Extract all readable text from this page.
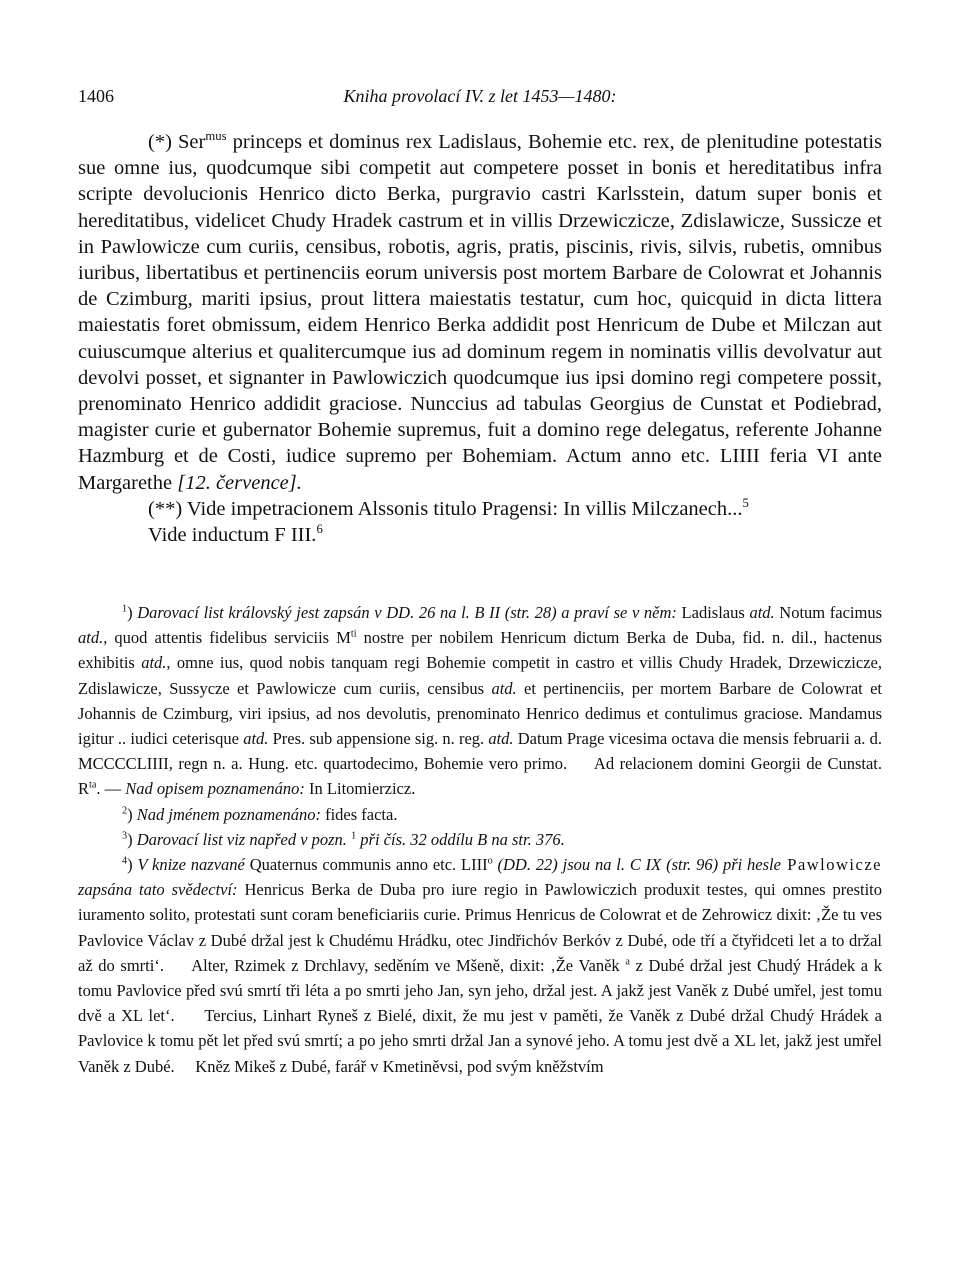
1406	Kniha provolací IV. z let 1453—1480:

(*) Ser$^{mus}$ princeps et dominus rex Ladislaus, Bohemie etc. rex, de plenitudine potestatis sue omne ius, quodcumque sibi competit aut competere posset in bonis et hereditatibus infra scripte devolucionis Henrico dicto Berka, purgravio castri Karlsstein, datum super bonis et hereditatibus, videlicet Chudy Hradek castrum et in villis Drzewiczicze, Zdislawicze, Sussicze et in Pawlowicze cum curiis, censibus, robotis, agris, pratis, piscinis, rivis, silvis, rubetis, omnibus iuribus, libertatibus et pertinenciis eorum universis post mortem Barbare de Colowrat et Johannis de Czimburg, mariti ipsius, prout littera maiestatis testatur, cum hoc, quicquid in dicta littera maiestatis foret obmissum, eidem Henrico Berka addidit post Henricum de Dube et Milczan aut cuiuscumque alterius et qualitercumque ius ad dominum regem in nominatis villis devolvatur aut devolvi posset, et signanter in Pawlowiczich quodcumque ius ipsi domino regi competere possit, prenominato Henrico addidit graciose. Nunccius ad tabulas Georgius de Cunstat et Podiebrad, magister curie et gubernator Bohemie supremus, fuit a domino rege delegatus, referente Johanne Hazmburg et de Costi, iudice supremo per Bohemiam. Actum anno etc. LIIII feria VI ante Margarethe [12. července].

(**) Vide impetracionem Alssonis titulo Pragensi: In villis Milczanech...$^5$

Vide inductum F III.$^6$

$^1$) Darovací list královský jest zapsán v DD. 26 na l. B II (str. 28) a praví se v něm: Ladislaus atd. Notum facimus atd., quod attentis fidelibus serviciis $M^{ti}$ nostre per nobilem Henricum dictum Berka de Duba, fid. n. dil., hactenus exhibitis atd., omne ius, quod nobis tanquam regi Bohemie competit in castro et villis Chudy Hradek, Drzewiczicze, Zdislawicze, Sussycze et Pawlowicze cum curiis, censibus atd. et pertinenciis, per mortem Barbare de Colowrat et Johannis de Czimburg, viri ipsius, ad nos devolutis, prenominato Henrico dedimus et contulimus graciose. Mandamus igitur .. iudici ceterisque atd. Pres. sub appensione sig. n. reg. atd. Datum Prage vicesima octava die mensis februarii a. d. MCCCCLIIII, regn n. a. Hung. etc. quartodecimo, Bohemie vero primo.     Ad relacionem domini Georgii de Cunstat.     $R^{ta}$. — Nad opisem poznamenáno: In Litomierzicz.

$^2$) Nad jménem poznamenáno: fides facta.

$^3$) Darovací list viz napřed v pozn. $^1$ při čís. 32 oddílu B na str. 376.

$^4$) V knize nazvané Quaternus communis anno etc. LIII$^o$ (DD. 22) jsou na l. C IX (str. 96) při hesle Pawlowicze zapsána tato svědectví: Henricus Berka de Duba pro iure regio in Pawlowiczich produxit testes, qui omnes prestito iuramento solito, protestati sunt coram beneficiariis curie. Primus Henricus de Colowrat et de Zehrowicz dixit: ‚Že tu ves Pavlovice Václav z Dubé držal jest k Chudému Hrádku, otec Jindřichóv Berkóv z Dubé, ode tří a čtyřidceti let a to držal až do smrti‘.     Alter, Rzimek z Drchlavy, seděním ve Mšeně, dixit: ‚Že Vaněk $^a$ z Dubé držal jest Chudý Hrádek a k tomu Pavlovice před svú smrtí tři léta a po smrti jeho Jan, syn jeho, držal jest. A jakž jest Vaněk z Dubé umřel, jest tomu dvě a XL let‘.     Tercius, Linhart Ryneš z Bielé, dixit, že mu jest v paměti, že Vaněk z Dubé držal Chudý Hrádek a Pavlovice k tomu pět let před svú smrtí; a po jeho smrti držal Jan a synové jeho. A tomu jest dvě a XL let, jakž jest umřel Vaněk z Dubé.     Kněz Mikeš z Dubé, farář v Kmetiněvsi, pod svým kněžstvím
